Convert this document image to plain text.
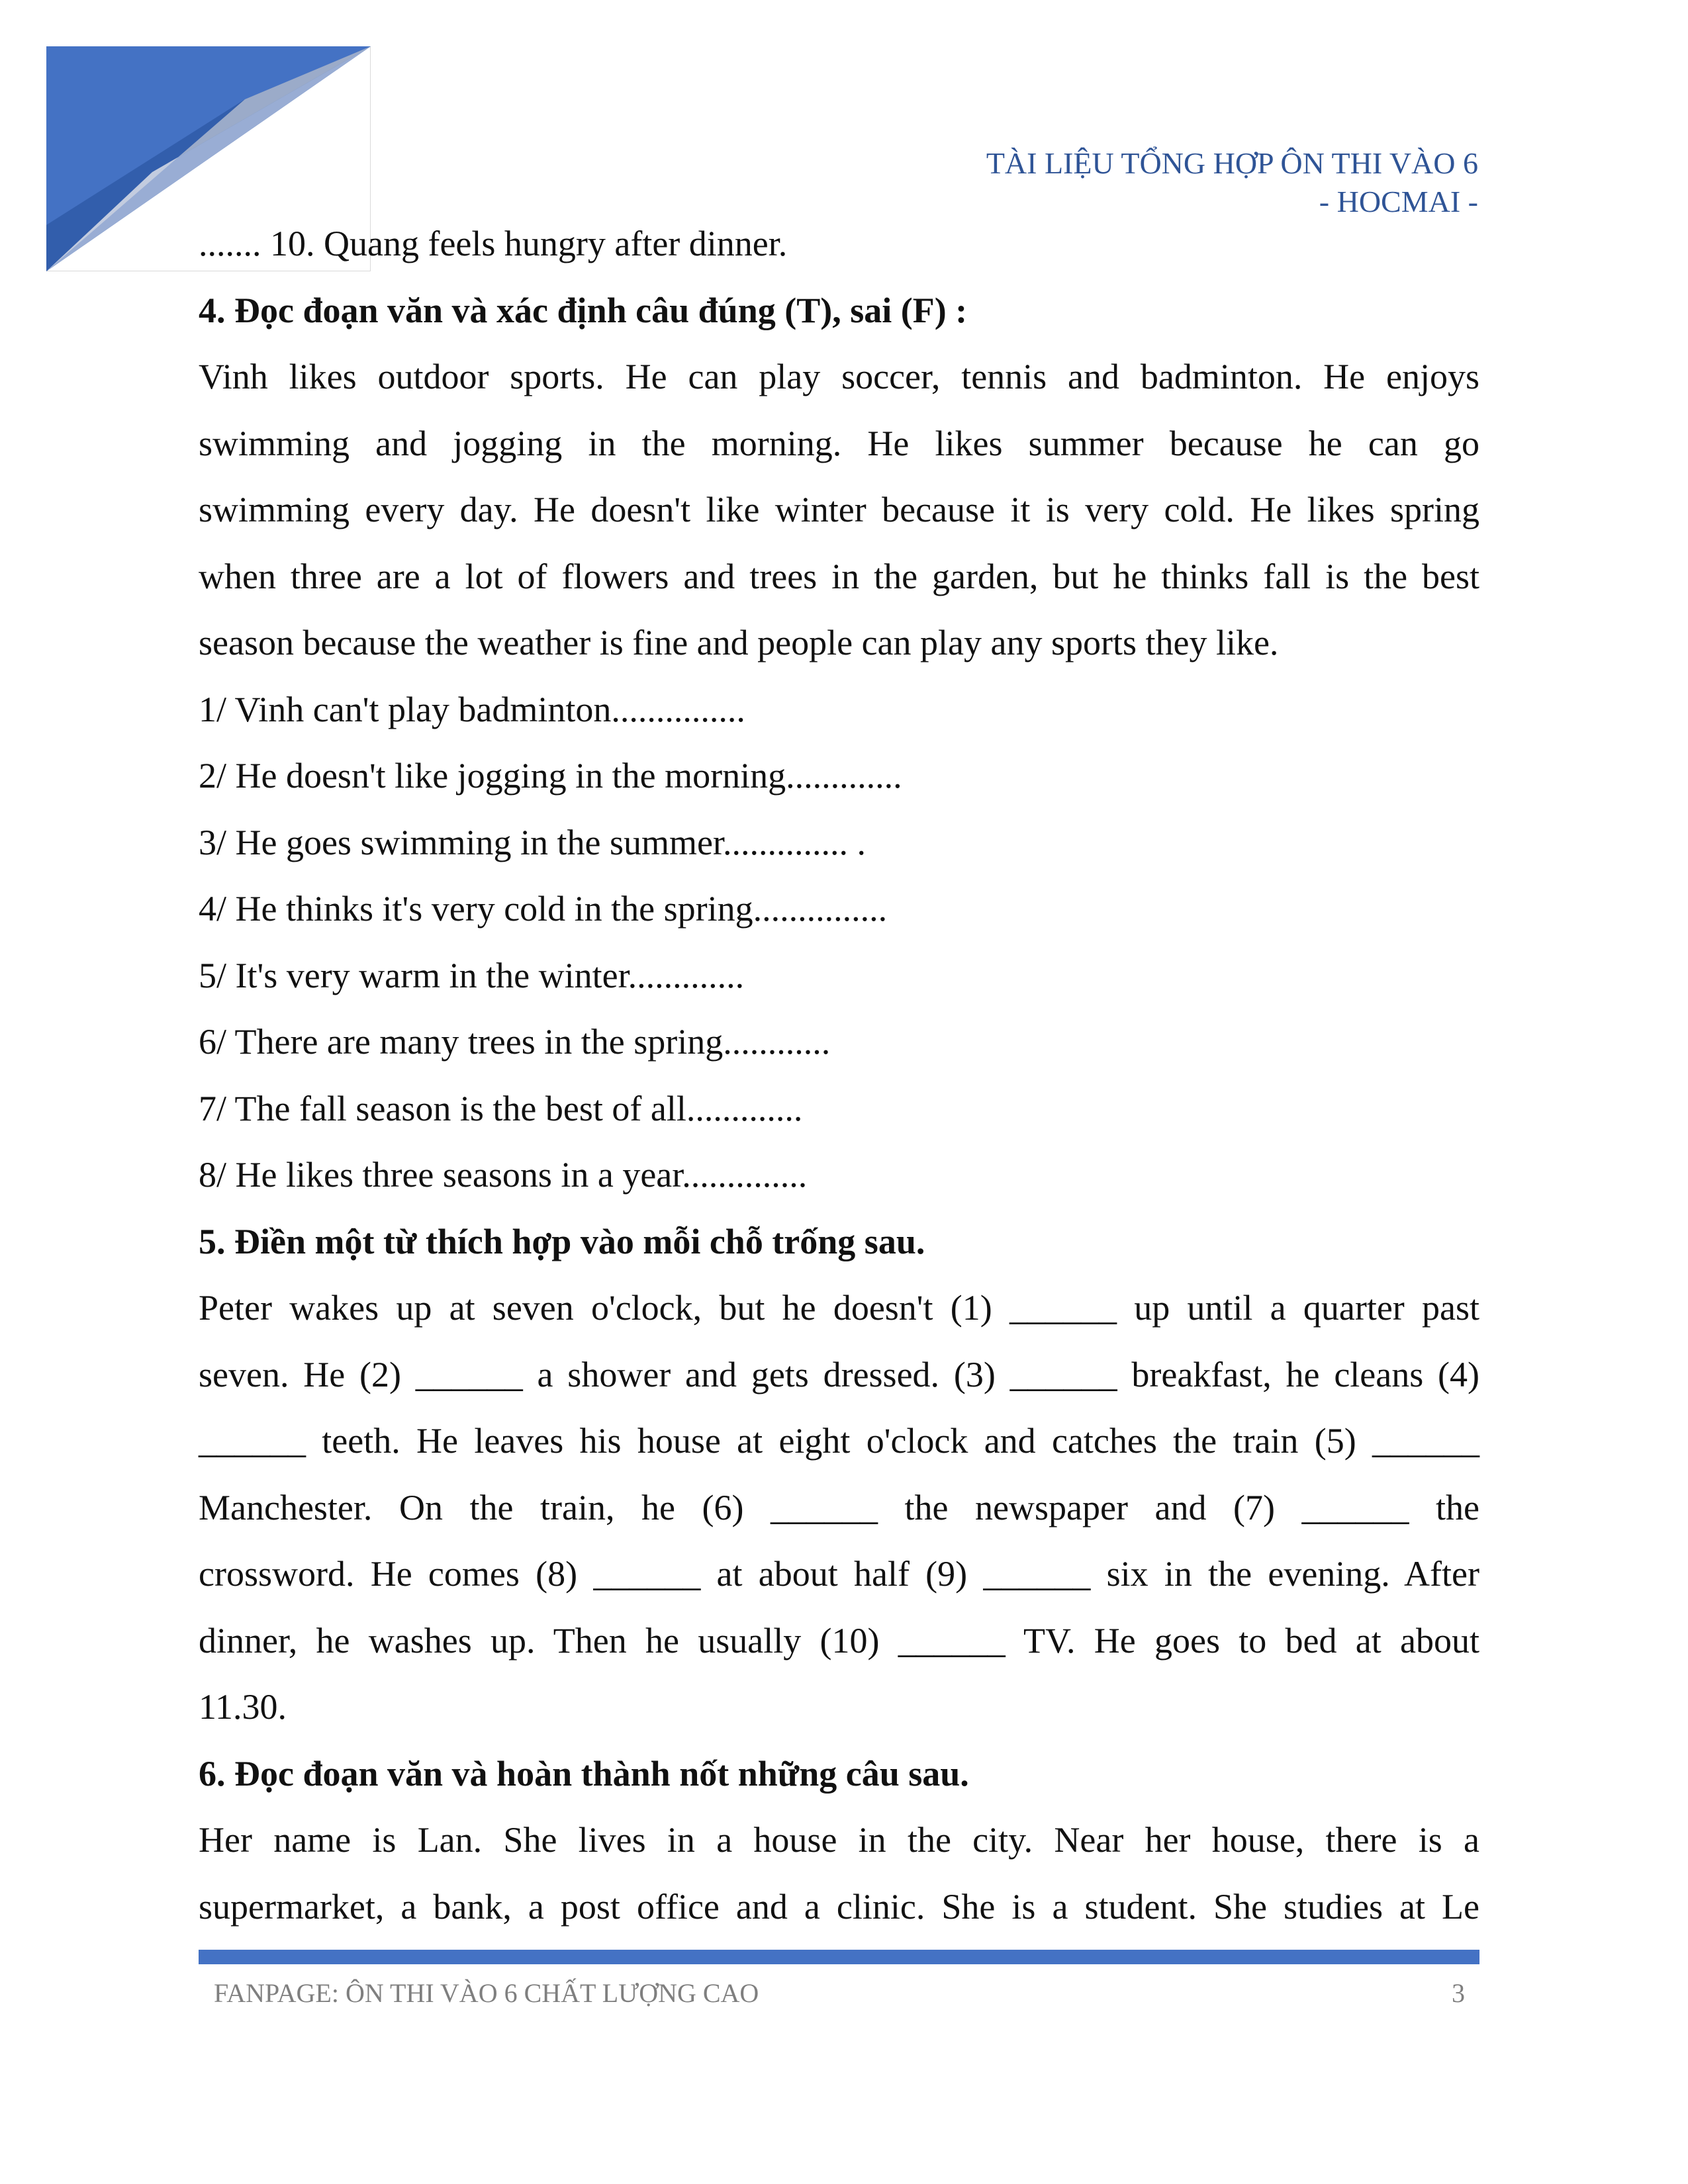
TÀI LIỆU TỔNG HỢP ÔN THI VÀO 6
- HOCMAI -

....... 10. Quang feels hungry after dinner.

4. Đọc đoạn văn và xác định câu đúng (T), sai (F) :

Vinh likes outdoor sports. He can play soccer, tennis and badminton. He enjoys

swimming and jogging in the morning. He likes summer because he can go

swimming every day. He doesn't like winter because it is very cold. He likes spring

when three are a lot of flowers and trees in the garden, but he thinks fall is the best

season because the weather is fine and people can play any sports they like.

1/ Vinh can't play badminton...............

2/ He doesn't like jogging in the morning.............

3/ He goes swimming in the summer.............. .

4/ He thinks it's very cold in the spring...............

5/ It's very warm in the winter.............

6/ There are many trees in the spring............

7/ The fall season is the best of all.............

8/ He likes three seasons in a year..............

5. Điền một từ thích hợp vào mỗi chỗ trống sau.

Peter wakes up at seven o'clock, but he doesn't (1) ______ up until a quarter past

seven. He (2) ______ a shower and gets dressed. (3) ______ breakfast, he cleans (4)

______ teeth. He leaves his house at eight o'clock and catches the train (5) ______

Manchester. On the train, he (6) ______ the newspaper and (7) ______ the

crossword. He comes (8) ______ at about half (9) ______ six in the evening. After

dinner, he washes up. Then he usually (10) ______ TV. He goes to bed at about

11.30.

6. Đọc đoạn văn và hoàn thành nốt những câu sau.

Her name is Lan. She lives in a house in the city. Near her house, there is a

supermarket, a bank, a post office and a clinic. She is a student. She studies at Le

FANPAGE: ÔN THI VÀO 6 CHẤT LƯỢNG CAO	3
